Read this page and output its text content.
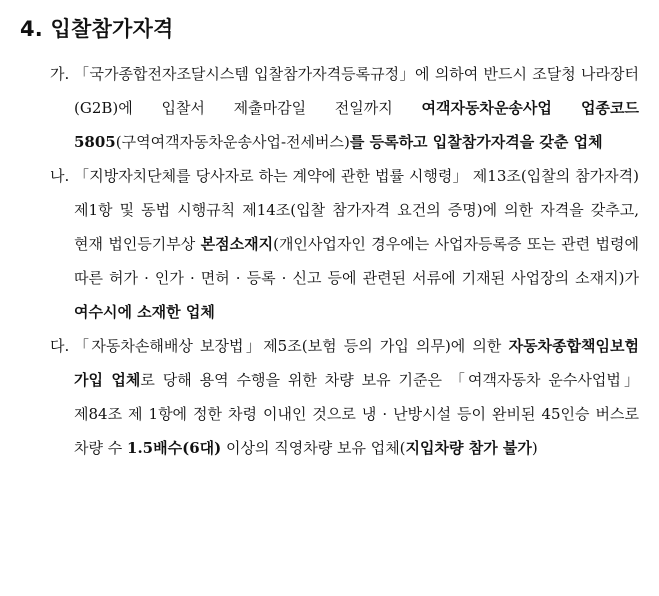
4. 입찰참가자격
가. 「국가종합전자조달시스템 입찰참가자격등록규정」에 의하여 반드시 조달청 나라장터(G2B)에 입찰서 제출마감일 전일까지 여객자동차운송사업 업종코드 5805(구역여객자동차운송사업-전세버스)를 등록하고 입찰참가자격을 갖춘 업체
나. 「지방자치단체를 당사자로 하는 계약에 관한 법률 시행령」 제13조(입찰의 참가자격) 제1항 및 동법 시행규칙 제14조(입찰 참가자격 요건의 증명)에 의한 자격을 갖추고, 현재 법인등기부상 본점소재지(개인사업자인 경우에는 사업자등록증 또는 관련 법령에 따른 허가 · 인가 · 면허 · 등록 · 신고 등에 관련된 서류에 기재된 사업장의 소재지)가 여수시에 소재한 업체
다. 「자동차손해배상 보장법」제5조(보험 등의 가입 의무)에 의한 자동차종합책임보험 가입 업체로 당해 용역 수행을 위한 차량 보유 기준은 「여객자동차 운수사업법」 제84조 제 1항에 정한 차령 이내인 것으로 냉 · 난방시설 등이 완비된 45인승 버스로 차량 수 1.5배수(6대) 이상의 직영차량 보유 업체(지입차량 참가 불가)
